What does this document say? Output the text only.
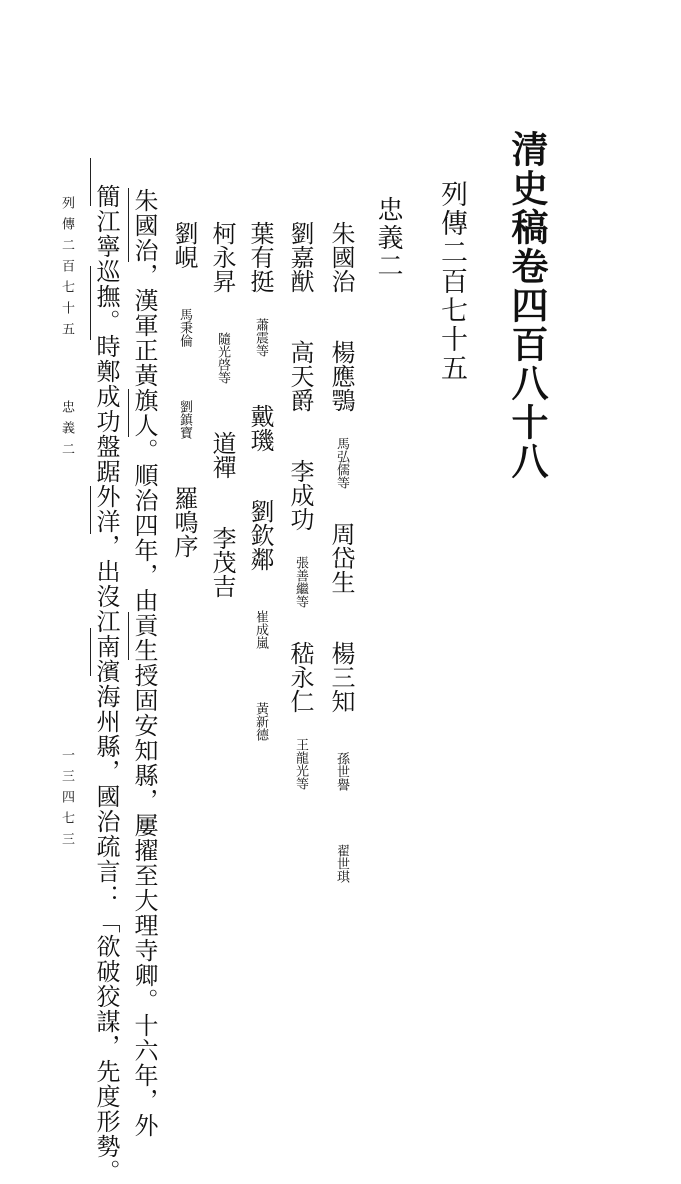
清史稿卷四百八十八
列傳二百七十五
忠義二
朱國治 楊應鶚 馬弘儒等 周岱生 楊三知 孫世譽 翟世琪
劉嘉猷 高天爵 李成功 張善繼等 嵇永仁 王龍光等
葉有挺 蕭震等 戴璣 劉欽鄰 崔成嵐 黃新德
柯永昇 隨光啓等 道禪 李茂吉
劉峴 馬秉倫 劉鎮寶 羅鳴序
朱國治，漢軍正黃旗人。順治四年，由貢生授固安知縣，屢擢至大理寺卿。十六年，外
簡江寧巡撫。時鄭成功盤踞外洋，出沒江南濱海州縣，國治疏言：「欲破狡謀，先度形勢。
列傳二百七十五
忠義二
一三四七三
